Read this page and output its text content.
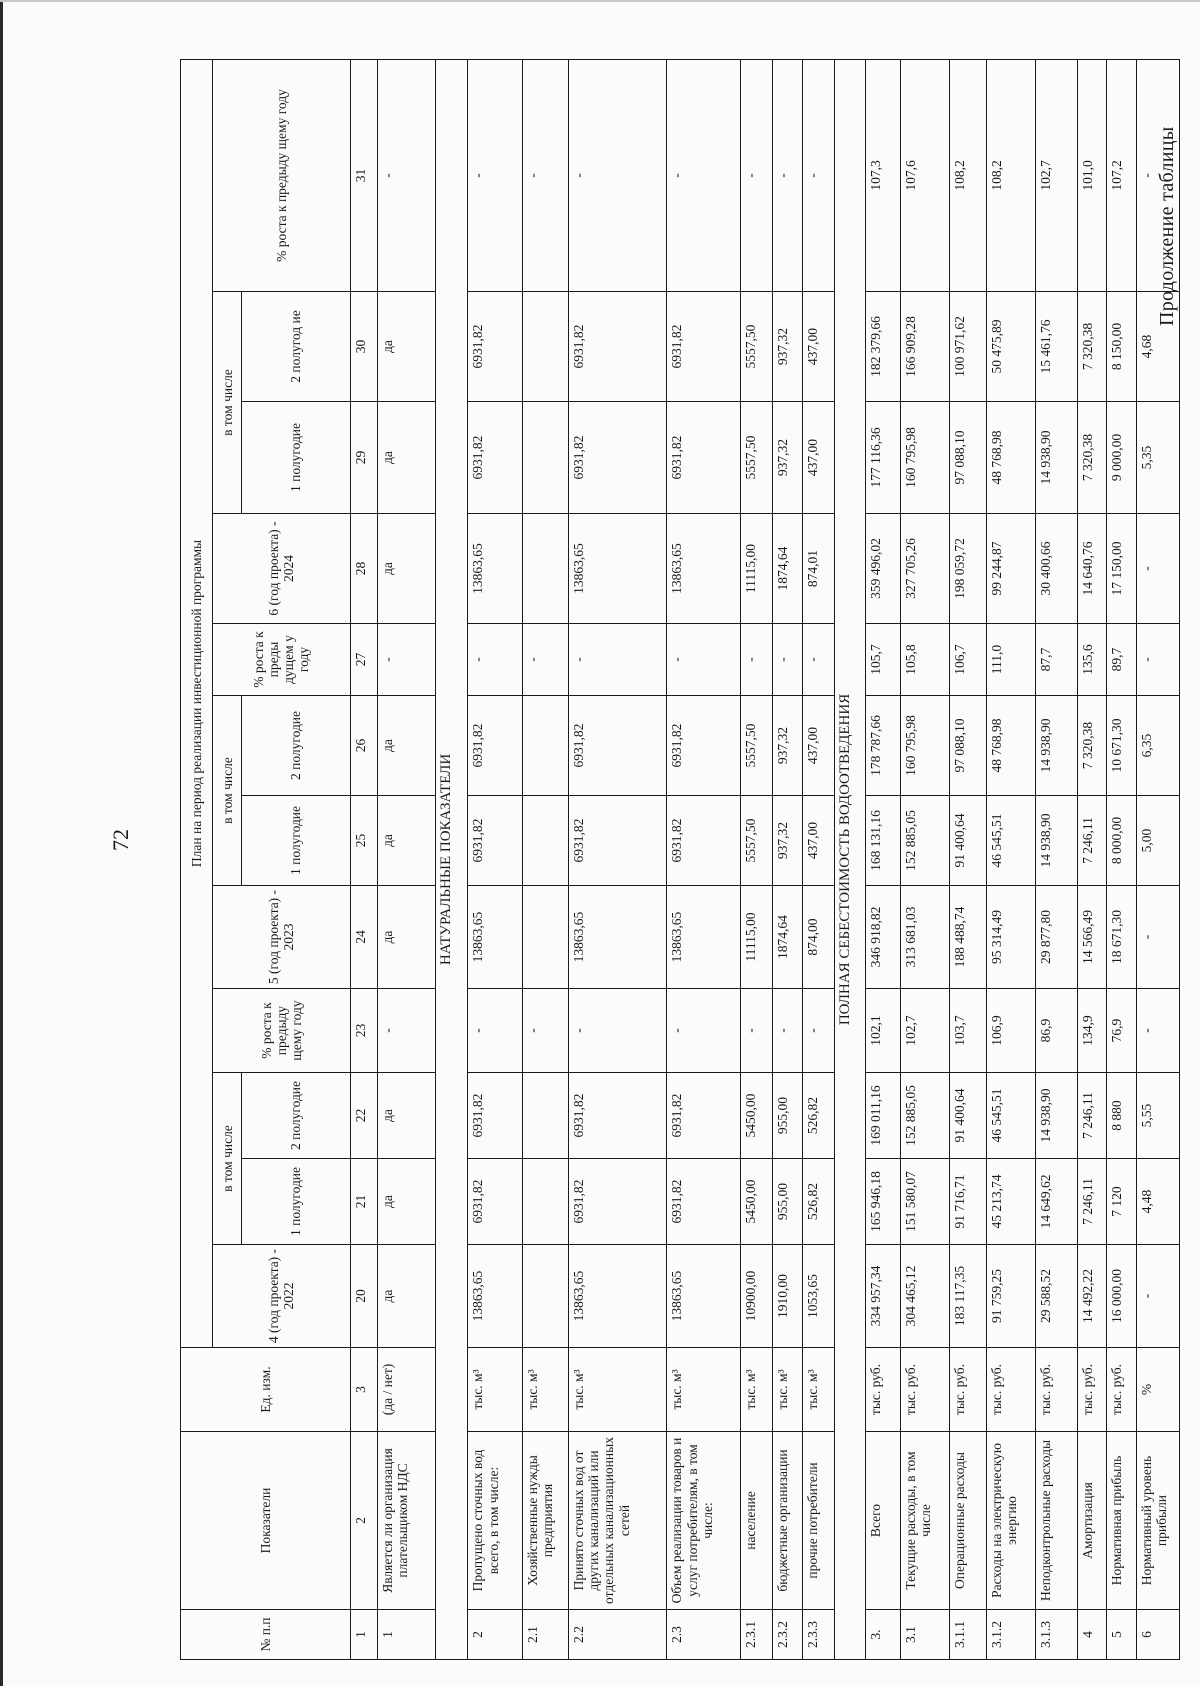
Продолжение таблицы
72
№ п.п	Показатели	Ед. изм.	План на период реализации инвестиционной программы											
			4 (год проекта) - 2022	в том числе		% роста к предыду щему году	5 (год проекта) - 2023	в том числе		% роста к преды дущем у году	6 (год проекта) - 2024	в том числе		% роста к предыду щему году
				1 полугодие	2 полугодие			1 полугодие	2 полугодие			1 полугодие	2 полугод ие	
1	2	3	20	21	22	23	24	25	26	27	28	29	30	31
1	Является ли организация плательщиком НДС	(да / нет)	да	да	да	-	да	да	да	-	да	да	да	-
НАТУРАЛЬНЫЕ ПОКАЗАТЕЛИ														
2	Пропущено сточных вод всего, в том числе:	тыс. м³	13863,65	6931,82	6931,82	-	13863,65	6931,82	6931,82	-	13863,65	6931,82	6931,82	-
2.1	Хозяйственные нужды предприятия	тыс. м³				-				-				-
2.2	Принято сточных вод от других канализаций или отдельных канализационных сетей	тыс. м³	13863,65	6931,82	6931,82	-	13863,65	6931,82	6931,82	-	13863,65	6931,82	6931,82	-
2.3	Объем реализации товаров и услуг потребителям, в том числе:	тыс. м³	13863,65	6931,82	6931,82	-	13863,65	6931,82	6931,82	-	13863,65	6931,82	6931,82	-
2.3.1	население	тыс. м³	10900,00	5450,00	5450,00	-	11115,00	5557,50	5557,50	-	11115,00	5557,50	5557,50	-
2.3.2	бюджетные организации	тыс. м³	1910,00	955,00	955,00	-	1874,64	937,32	937,32	-	1874,64	937,32	937,32	-
2.3.3	прочие потребители	тыс. м³	1053,65	526,82	526,82	-	874,00	437,00	437,00	-	874,01	437,00	437,00	-
ПОЛНАЯ СЕБЕСТОИМОСТЬ ВОДООТВЕДЕНИЯ														
3.	Всего	тыс. руб.	334 957,34	165 946,18	169 011,16	102,1	346 918,82	168 131,16	178 787,66	105,7	359 496,02	177 116,36	182 379,66	107,3
3.1	Текущие расходы, в том числе	тыс. руб.	304 465,12	151 580,07	152 885,05	102,7	313 681,03	152 885,05	160 795,98	105,8	327 705,26	160 795,98	166 909,28	107,6
3.1.1	Операционные расходы	тыс. руб.	183 117,35	91 716,71	91 400,64	103,7	188 488,74	91 400,64	97 088,10	106,7	198 059,72	97 088,10	100 971,62	108,2
3.1.2	Расходы на электрическую энергию	тыс. руб.	91 759,25	45 213,74	46 545,51	106,9	95 314,49	46 545,51	48 768,98	111,0	99 244,87	48 768,98	50 475,89	108,2
3.1.3	Неподконтрольные расходы	тыс. руб.	29 588,52	14 649,62	14 938,90	86,9	29 877,80	14 938,90	14 938,90	87,7	30 400,66	14 938,90	15 461,76	102,7
4	Амортизация	тыс. руб.	14 492,22	7 246,11	7 246,11	134,9	14 566,49	7 246,11	7 320,38	135,6	14 640,76	7 320,38	7 320,38	101,0
5	Нормативная прибыль	тыс. руб.	16 000,00	7 120	8 880	76,9	18 671,30	8 000,00	10 671,30	89,7	17 150,00	9 000,00	8 150,00	107,2
6	Нормативный уровень прибыли	%	-	4,48	5,55	-	-	5,00	6,35	-	-	5,35	4,68	-
